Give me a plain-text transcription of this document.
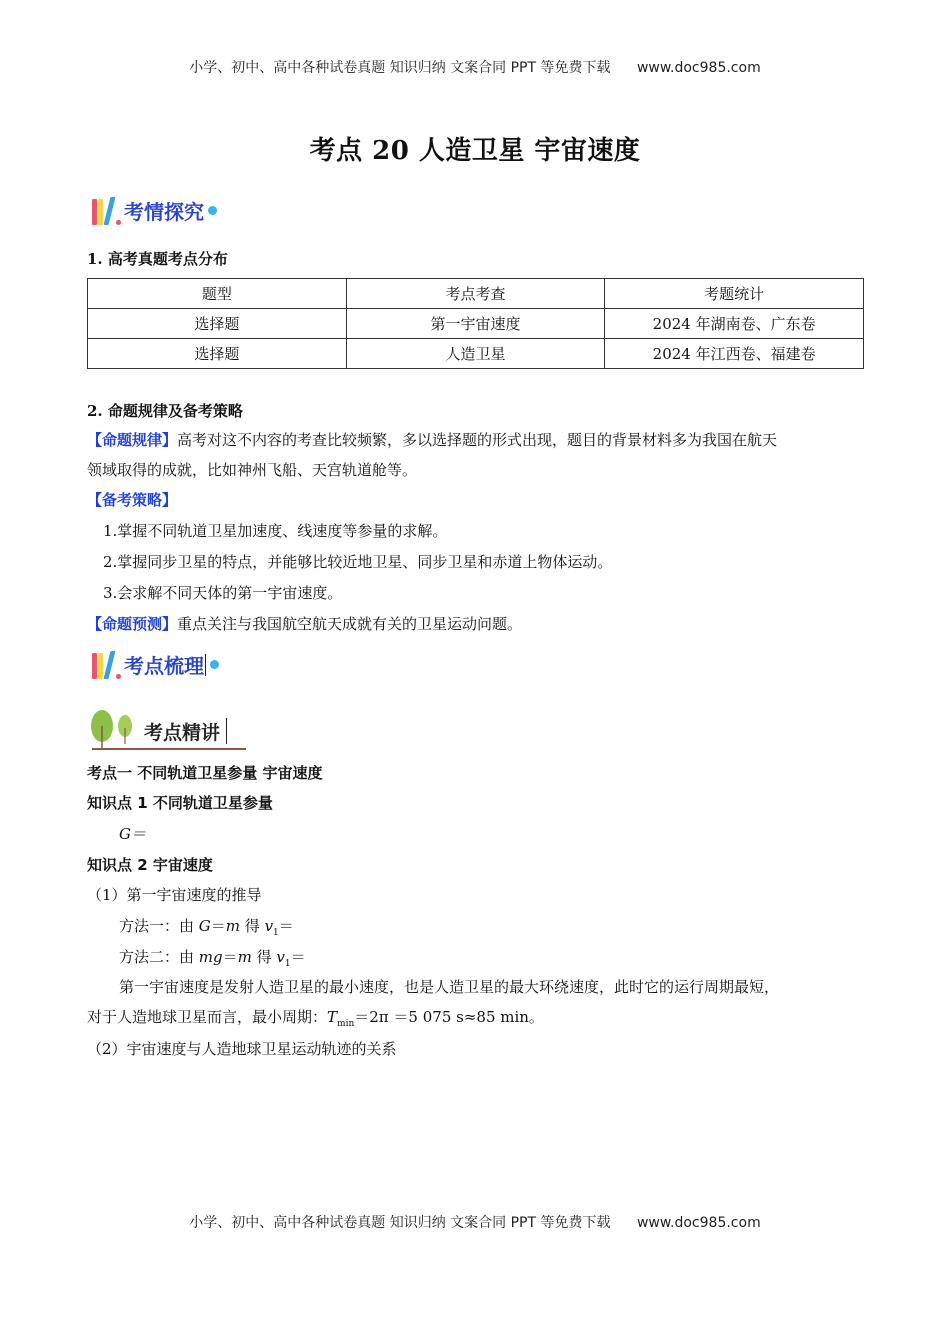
小学、初中、高中各种试卷真题 知识归纳 文案合同 PPT 等免费下载 www.doc985.com
考点 20 人造卫星 宇宙速度
考情探究
1. 高考真题考点分布
题型	考点考查	考题统计
选择题	第一宇宙速度	2024 年湖南卷、广东卷
选择题	人造卫星	2024 年江西卷、福建卷
2. 命题规律及备考策略
【命题规律】高考对这不内容的考查比较频繁，多以选择题的形式出现，题目的背景材料多为我国在航天
领域取得的成就，比如神州飞船、天宫轨道舱等。
【备考策略】
1.掌握不同轨道卫星加速度、线速度等参量的求解。
2.掌握同步卫星的特点，并能够比较近地卫星、同步卫星和赤道上物体运动。
3.会求解不同天体的第一宇宙速度。
【命题预测】重点关注与我国航空航天成就有关的卫星运动问题。
考点梳理
考点精讲
考点一 不同轨道卫星参量 宇宙速度
知识点 1 不同轨道卫星参量
G＝
知识点 2 宇宙速度
（1）第一宇宙速度的推导
方法一：由 G＝m 得 $v_1=$
方法二：由 mg＝m 得 $v_1=$
第一宇宙速度是发射人造卫星的最小速度，也是人造卫星的最大环绕速度，此时它的运行周期最短，
对于人造地球卫星而言，最小周期：$T_{min}=2\pi =5$ 075 s≈85 min。
（2）宇宙速度与人造地球卫星运动轨迹的关系
小学、初中、高中各种试卷真题 知识归纳 文案合同 PPT 等免费下载 www.doc985.com
